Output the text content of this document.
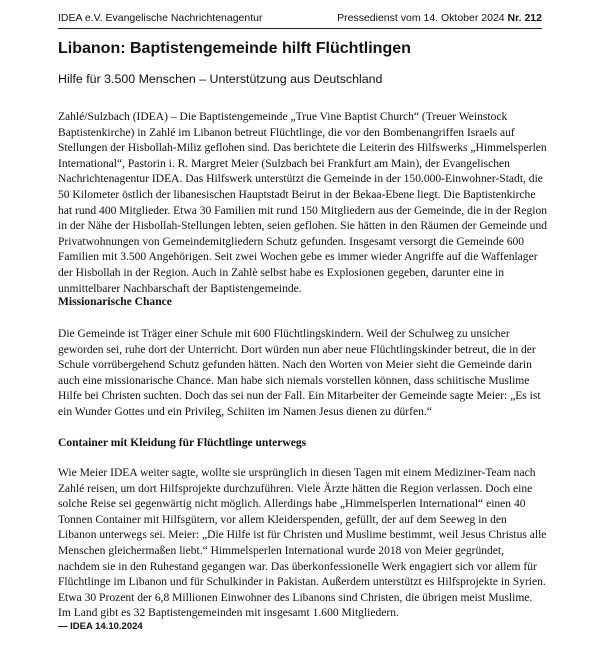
IDEA e.V. Evangelische Nachrichtenagentur	Pressedienst vom 14. Oktober 2024 Nr. 212
Libanon: Baptistengemeinde hilft Flüchtlingen

Hilfe für 3.500 Menschen – Unterstützung aus Deutschland

Zahlé/Sulzbach (IDEA) – Die Baptistengemeinde „True Vine Baptist Church“ (Treuer Weinstock Baptistenkirche) in Zahlé im Libanon betreut Flüchtlinge, die vor den Bombenangriffen Israels auf Stellungen der Hisbollah-Miliz geflohen sind. Das berichtete die Leiterin des Hilfswerks „Himmelsperlen International“, Pastorin i. R. Margret Meier (Sulzbach bei Frankfurt am Main), der Evangelischen Nachrichtenagentur IDEA. Das Hilfswerk unterstützt die Gemeinde in der 150.000-Einwohner-Stadt, die 50 Kilometer östlich der libanesischen Hauptstadt Beirut in der Bekaa-Ebene liegt. Die Baptistenkirche hat rund 400 Mitglieder. Etwa 30 Familien mit rund 150 Mitgliedern aus der Gemeinde, die in der Region in der Nähe der Hisbollah-Stellungen lebten, seien geflohen. Sie hätten in den Räumen der Gemeinde und Privatwohnungen von Gemeindemitgliedern Schutz gefunden. Insgesamt versorgt die Gemeinde 600 Familien mit 3.500 Angehörigen. Seit zwei Wochen gebe es immer wieder Angriffe auf die Waffenlager der Hisbollah in der Region. Auch in Zahlè selbst habe es Explosionen gegeben, darunter eine in unmittelbarer Nachbarschaft der Baptistengemeinde.

Missionarische Chance

Die Gemeinde ist Träger einer Schule mit 600 Flüchtlingskindern. Weil der Schulweg zu unsicher geworden sei, ruhe dort der Unterricht. Dort würden nun aber neue Flüchtlingskinder betreut, die in der Schule vorrübergehend Schutz gefunden hätten. Nach den Worten von Meier sieht die Gemeinde darin auch eine missionarische Chance. Man habe sich niemals vorstellen können, dass schiitische Muslime Hilfe bei Christen suchten. Doch das sei nun der Fall. Ein Mitarbeiter der Gemeinde sagte Meier: „Es ist ein Wunder Gottes und ein Privileg, Schiiten im Namen Jesus dienen zu dürfen.“

Container mit Kleidung für Flüchtlinge unterwegs

Wie Meier IDEA weiter sagte, wollte sie ursprünglich in diesen Tagen mit einem Mediziner-Team nach Zahlé reisen, um dort Hilfsprojekte durchzuführen. Viele Ärzte hätten die Region verlassen. Doch eine solche Reise sei gegenwärtig nicht möglich. Allerdings habe „Himmelsperlen International“ einen 40 Tonnen Container mit Hilfsgütern, vor allem Kleiderspenden, gefüllt, der auf dem Seeweg in den Libanon unterwegs sei. Meier: „Die Hilfe ist für Christen und Muslime bestimmt, weil Jesus Christus alle Menschen gleichermaßen liebt.“ Himmelsperlen International wurde 2018 von Meier gegründet, nachdem sie in den Ruhestand gegangen war. Das überkonfessionelle Werk engagiert sich vor allem für Flüchtlinge im Libanon und für Schulkinder in Pakistan. Außerdem unterstützt es Hilfsprojekte in Syrien. Etwa 30 Prozent der 6,8 Millionen Einwohner des Libanons sind Christen, die übrigen meist Muslime. Im Land gibt es 32 Baptistengemeinden mit insgesamt 1.600 Mitgliedern.

— IDEA 14.10.2024
